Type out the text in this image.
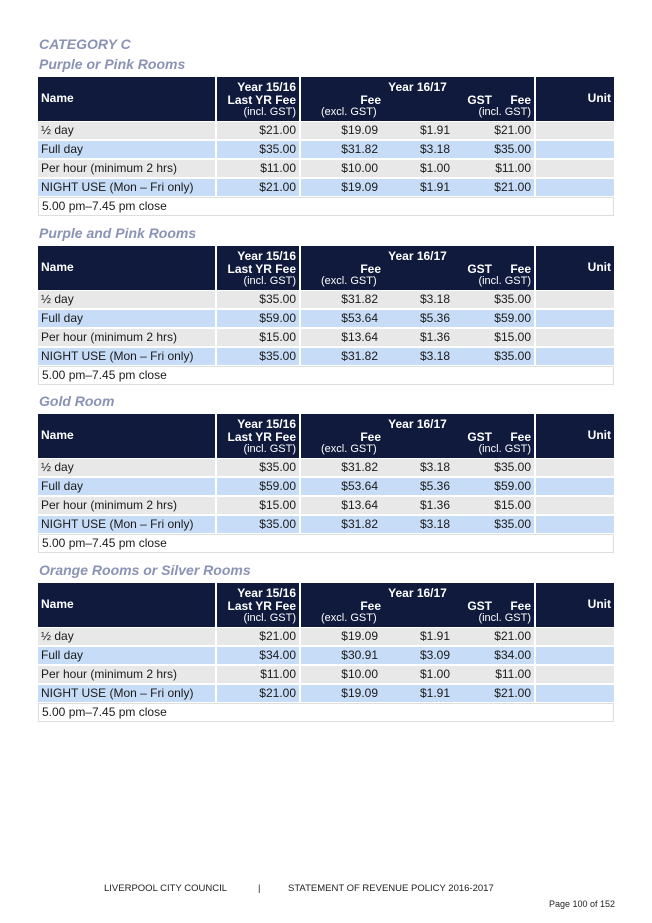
CATEGORY C
Purple or Pink Rooms
Name
Year 15/16
Last YR Fee
(incl. GST)
Year 16/17
Fee	GST Fee
(excl. GST)	(incl. GST)
Unit
½ day	$21.00	$19.09	$1.91	$21.00
Full day	$35.00	$31.82	$3.18	$35.00
Per hour (minimum 2 hrs)	$11.00	$10.00	$1.00	$11.00
NIGHT USE (Mon – Fri only)	$21.00	$19.09	$1.91	$21.00
5.00 pm–7.45 pm close
Purple and Pink Rooms
Name
Year 15/16
Last YR Fee
(incl. GST)
Year 16/17
Fee	GST Fee
(excl. GST)	(incl. GST)
Unit
½ day	$35.00	$31.82	$3.18	$35.00
Full day	$59.00	$53.64	$5.36	$59.00
Per hour (minimum 2 hrs)	$15.00	$13.64	$1.36	$15.00
NIGHT USE (Mon – Fri only)	$35.00	$31.82	$3.18	$35.00
5.00 pm–7.45 pm close
Gold Room
Name
Year 15/16
Last YR Fee
(incl. GST)
Year 16/17
Fee	GST Fee
(excl. GST)	(incl. GST)
Unit
½ day	$35.00	$31.82	$3.18	$35.00
Full day	$59.00	$53.64	$5.36	$59.00
Per hour (minimum 2 hrs)	$15.00	$13.64	$1.36	$15.00
NIGHT USE (Mon – Fri only)	$35.00	$31.82	$3.18	$35.00
5.00 pm–7.45 pm close
Orange Rooms or Silver Rooms
Name
Year 15/16
Last YR Fee
(incl. GST)
Year 16/17
Fee	GST Fee
(excl. GST)	(incl. GST)
Unit
½ day	$21.00	$19.09	$1.91	$21.00
Full day	$34.00	$30.91	$3.09	$34.00
Per hour (minimum 2 hrs)	$11.00	$10.00	$1.00	$11.00
NIGHT USE (Mon – Fri only)	$21.00	$19.09	$1.91	$21.00
5.00 pm–7.45 pm close
LIVERPOOL CITY COUNCIL	|	STATEMENT OF REVENUE POLICY 2016-2017
Page 100 of 152
